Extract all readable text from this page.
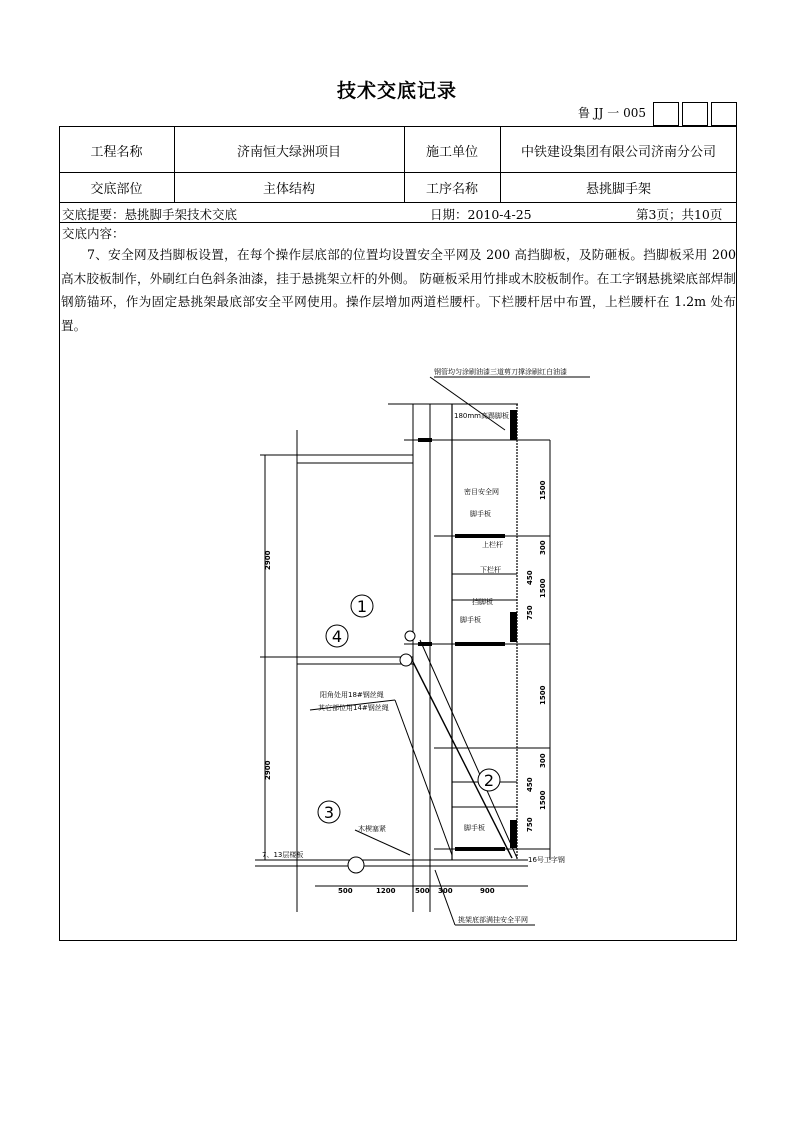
技术交底记录
鲁 JJ 一 005
工程名称	济南恒大绿洲项目	施工单位	中铁建设集团有限公司济南分公司
交底部位	主体结构	工序名称	悬挑脚手架
交底提要：悬挑脚手架技术交底	日期：2010-4-25	第3页；共10页
交底内容：
7、安全网及挡脚板设置，在每个操作层底部的位置均设置安全平网及 200 高挡脚板，及防砸板。挡脚板采用 200 高木胶板制作，外刷红白色斜条油漆，挂于悬挑架立杆的外侧。 防砸板采用竹排或木胶板制作。在工字钢悬挑梁底部焊制钢筋锚环，作为固定悬挑架最底部安全平网使用。操作层增加两道栏腰杆。下栏腰杆居中布置，上栏腰杆在 1.2m 处布置。
1
4
2
3
钢管均匀涂刷油漆三道剪刀撑涂刷红白油漆
180mm高踢脚板
密目安全网
脚手板
上栏杆
下栏杆
挡脚板
脚手板
阳角处用18#钢丝绳
其它部位用14#钢丝绳
脚手板
木楔塞紧
7、13层楼板
16号工字钢
挑架底部满挂安全平网
2900
2900
1500
300
450
1500
750
1500
300
450
1500
750
500	1200	500 300	900
